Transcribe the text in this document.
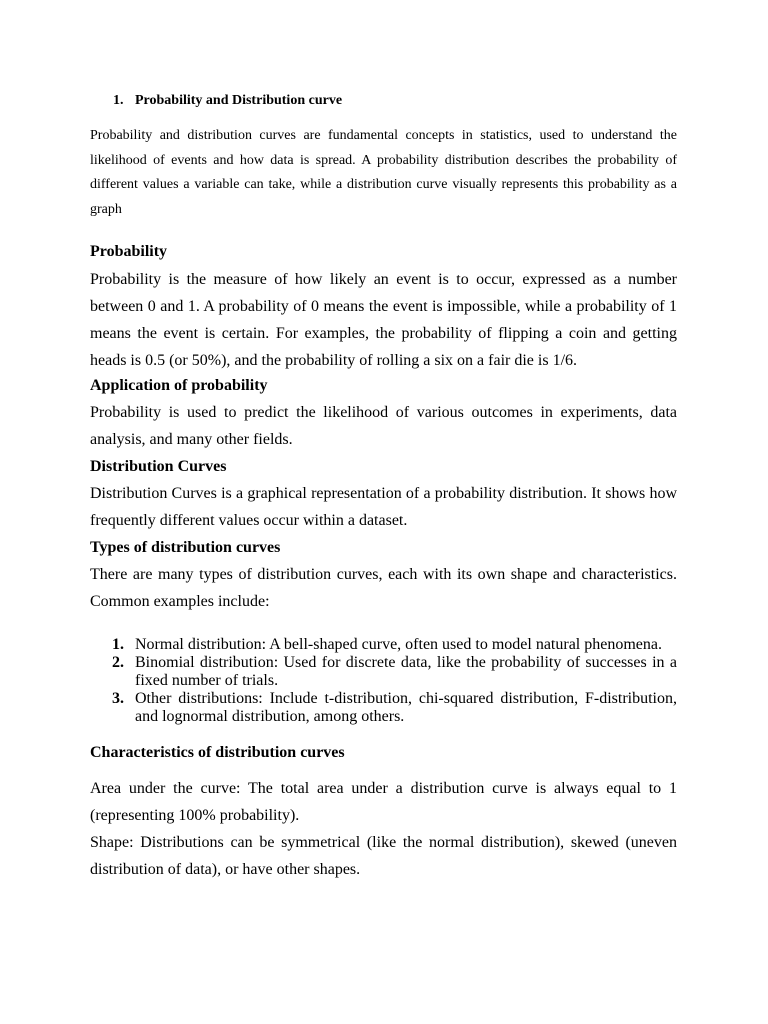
1. Probability and Distribution curve

Probability and distribution curves are fundamental concepts in statistics, used to understand the likelihood of events and how data is spread. A probability distribution describes the probability of different values a variable can take, while a distribution curve visually represents this probability as a graph

Probability

Probability is the measure of how likely an event is to occur, expressed as a number between 0 and 1. A probability of 0 means the event is impossible, while a probability of 1 means the event is certain. For examples, the probability of flipping a coin and getting heads is 0.5 (or 50%), and the probability of rolling a six on a fair die is 1/6.

Application of probability

Probability is used to predict the likelihood of various outcomes in experiments, data analysis, and many other fields.

Distribution Curves

Distribution Curves is a graphical representation of a probability distribution. It shows how frequently different values occur within a dataset.

Types of distribution curves

There are many types of distribution curves, each with its own shape and characteristics. Common examples include:

1. Normal distribution: A bell-shaped curve, often used to model natural phenomena.
2. Binomial distribution: Used for discrete data, like the probability of successes in a fixed number of trials.
3. Other distributions: Include t-distribution, chi-squared distribution, F-distribution, and lognormal distribution, among others.
Characteristics of distribution curves

Area under the curve: The total area under a distribution curve is always equal to 1 (representing 100% probability).

Shape: Distributions can be symmetrical (like the normal distribution), skewed (uneven distribution of data), or have other shapes.
